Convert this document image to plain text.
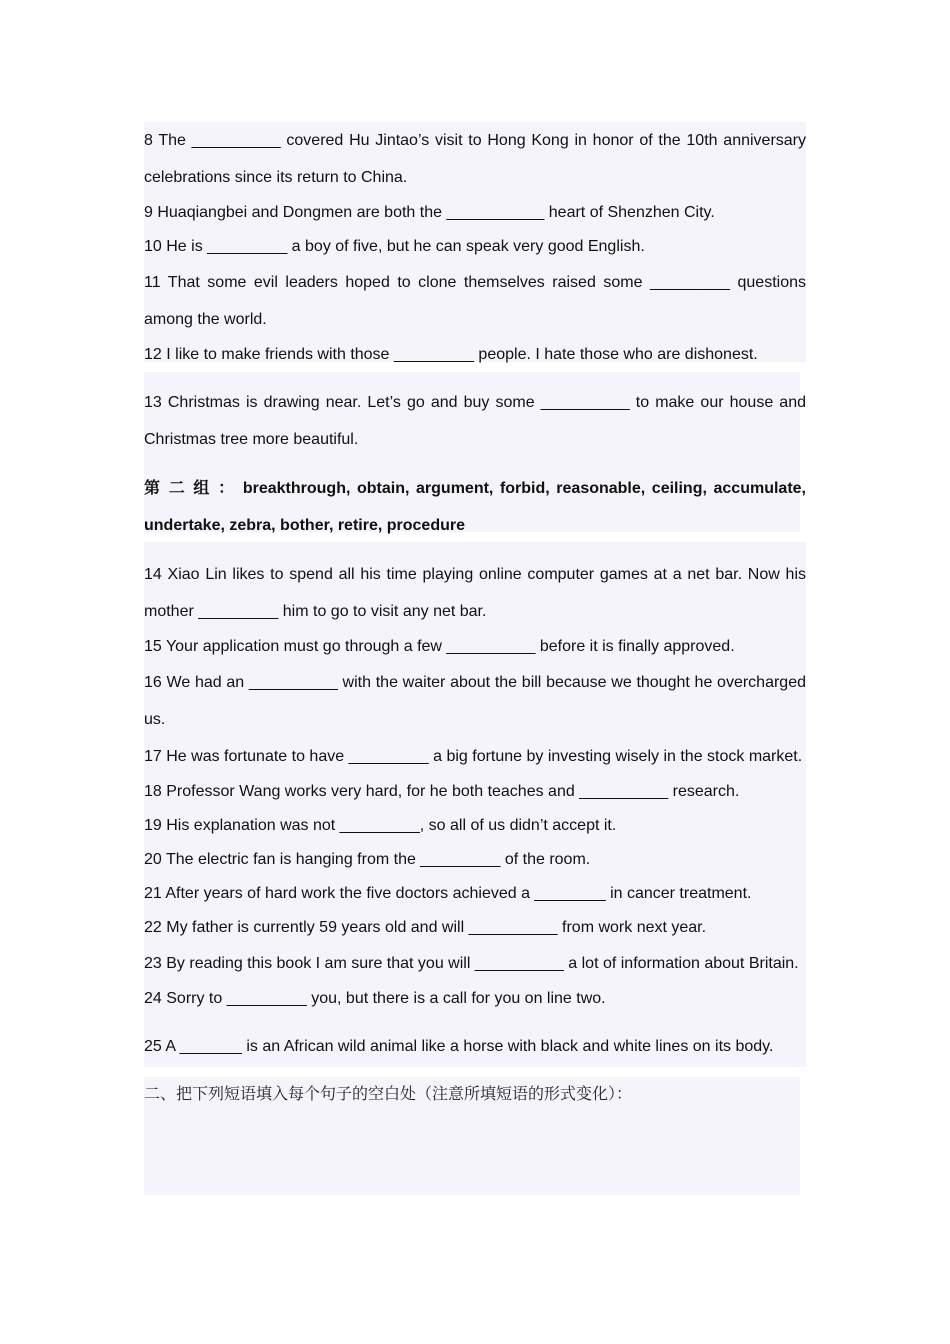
8 The __________ covered Hu Jintao’s visit to Hong Kong in honor of the 10th anniversary celebrations since its return to China.

9 Huaqiangbei and Dongmen are both the ___________ heart of Shenzhen City.

10 He is _________ a boy of five, but he can speak very good English.

11 That some evil leaders hoped to clone themselves raised some _________ questions among the world.

12 I like to make friends with those _________ people. I hate those who are dishonest.

13 Christmas is drawing near. Let’s go and buy some __________ to make our house and Christmas tree more beautiful.

第 二 组 ： breakthrough, obtain, argument, forbid, reasonable, ceiling, accumulate, undertake, zebra, bother, retire, procedure

14 Xiao Lin likes to spend all his time playing online computer games at a net bar. Now his mother _________ him to go to visit any net bar.

15 Your application must go through a few __________ before it is finally approved.

16 We had an __________ with the waiter about the bill because we thought he overcharged us.

17 He was fortunate to have _________ a big fortune by investing wisely in the stock market.

18 Professor Wang works very hard, for he both teaches and __________ research.

19 His explanation was not _________, so all of us didn’t accept it.

20 The electric fan is hanging from the _________ of the room.

21 After years of hard work the five doctors achieved a ________ in cancer treatment.

22 My father is currently 59 years old and will __________ from work next year.

23 By reading this book I am sure that you will __________ a lot of information about Britain.

24 Sorry to _________ you, but there is a call for you on line two.

25 A _______ is an African wild animal like a horse with black and white lines on its body.

二、把下列短语填入每个句子的空白处（注意所填短语的形式变化）：
